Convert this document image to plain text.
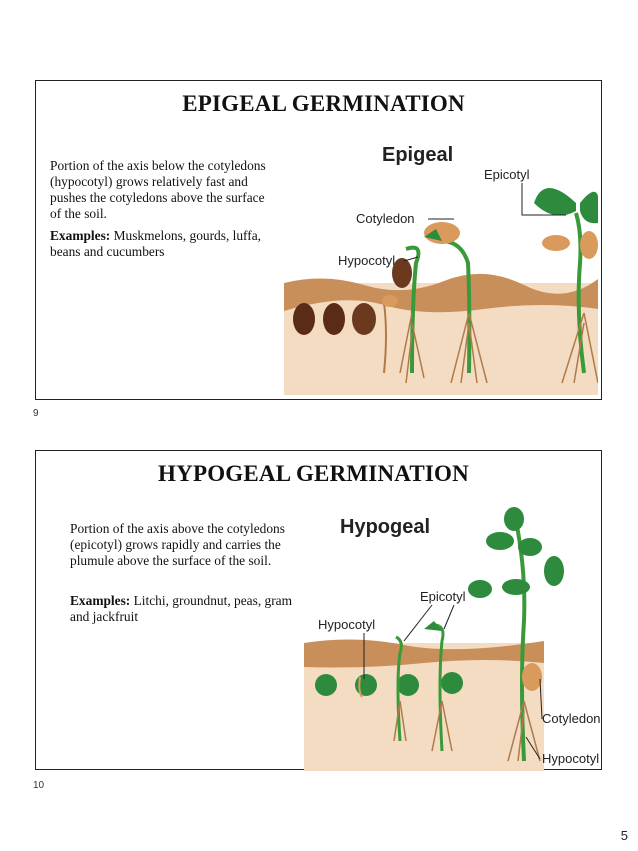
EPIGEAL GERMINATION

Portion of the axis below the cotyledons (hypocotyl) grows relatively fast and pushes the cotyledons above the surface of the soil.

Examples: Muskmelons, gourds, luffa, beans and cucumbers

Epigeal
Epicotyl
Cotyledon
Hypocotyl
9
HYPOGEAL GERMINATION

Portion of the axis above the cotyledons (epicotyl) grows rapidly and carries the plumule above the surface of the soil.

Examples: Litchi, groundnut, peas, gram and jackfruit

Hypogeal
Epicotyl
Hypocotyl
Cotyledon
Hypocotyl
10
5
